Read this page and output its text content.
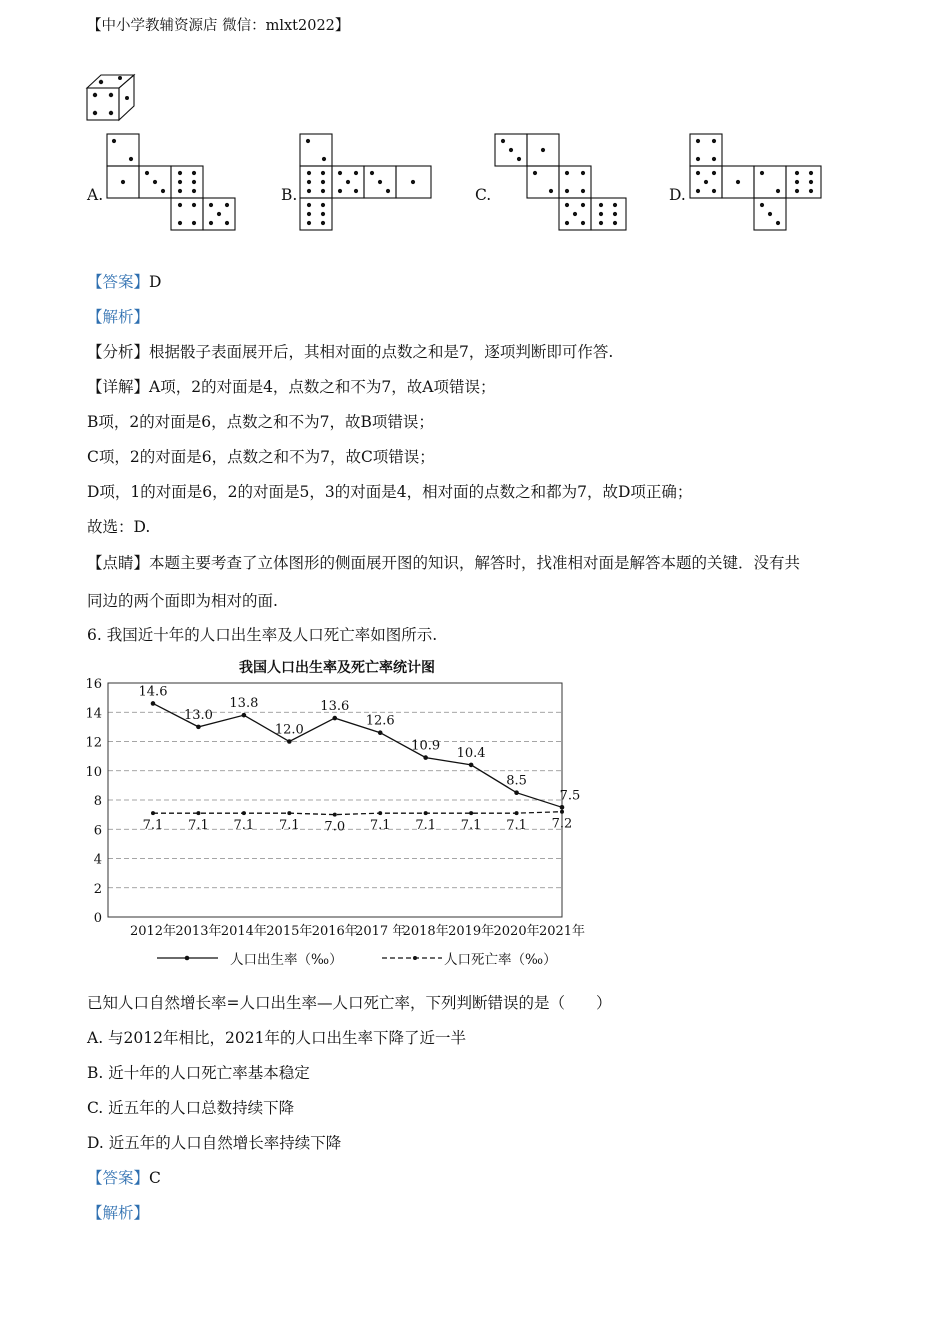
【中小学教辅资源店 微信：mlxt2022】
A.	B.	C.	D.
【答案】D
【解析】
【分析】根据骰子表面展开后，其相对面的点数之和是7，逐项判断即可作答.
【详解】A项，2的对面是4，点数之和不为7，故A项错误；
B项，2的对面是6，点数之和不为7，故B项错误；
C项，2的对面是6，点数之和不为7，故C项错误；
D项，1的对面是6，2的对面是5，3的对面是4，相对面的点数之和都为7，故D项正确；
故选：D.
【点睛】本题主要考查了立体图形的侧面展开图的知识，解答时，找准相对面是解答本题的关键．没有共
同边的两个面即为相对的面.
6. 我国近十年的人口出生率及人口死亡率如图所示.
我国人口出生率及死亡率统计图
0
2
4
6
8
10
12
14
16
2012年 2013年 2014年 2015年 2016年
2017 年
2018年 2019年 2020年 2021年
14.6
13.0
13.8
12.0
13.6
12.6
10.9 10.4
8.5
7.5
7.1 7.1 7.1 7.1 7.0 7.1 7.1 7.1 7.1 7.2
人口出生率（‰）	人口死亡率（‰）
已知人口自然增长率=人口出生率—人口死亡率，下列判断错误的是（　　）
A. 与2012年相比，2021年的人口出生率下降了近一半
B. 近十年的人口死亡率基本稳定
C. 近五年的人口总数持续下降
D. 近五年的人口自然增长率持续下降
【答案】C
【解析】
